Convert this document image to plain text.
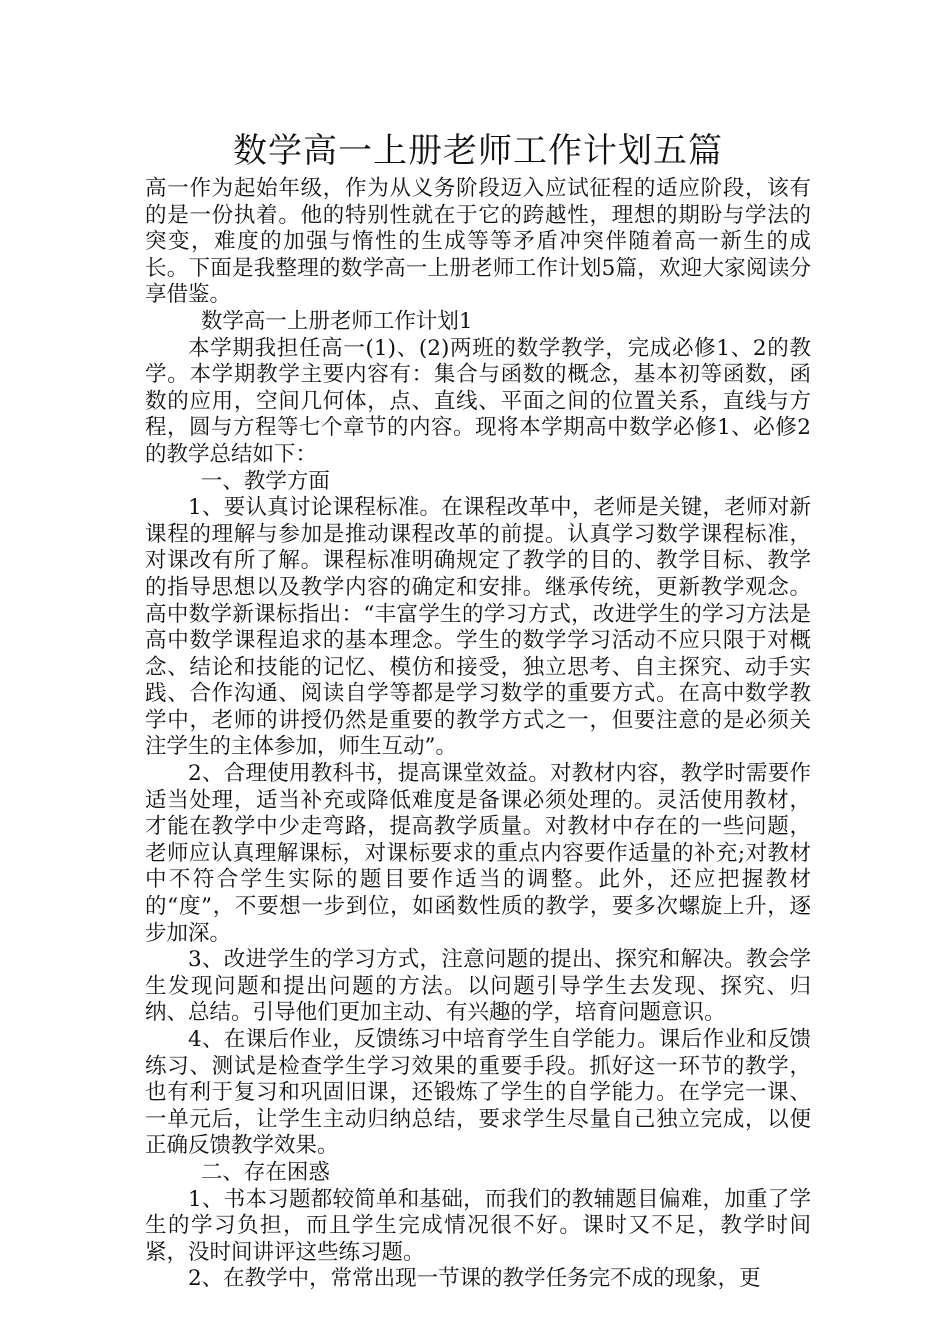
数学高一上册老师工作计划五篇

高一作为起始年级，作为从义务阶段迈入应试征程的适应阶段，该有的是一份执着。他的特别性就在于它的跨越性，理想的期盼与学法的突变，难度的加强与惰性的生成等等矛盾冲突伴随着高一新生的成长。下面是我整理的数学高一上册老师工作计划5篇，欢迎大家阅读分享借鉴。

数学高一上册老师工作计划1

本学期我担任高一(1)、(2)两班的数学教学，完成必修1、2的教学。本学期教学主要内容有：集合与函数的概念，基本初等函数，函数的应用，空间几何体，点、直线、平面之间的位置关系，直线与方程，圆与方程等七个章节的内容。现将本学期高中数学必修1、必修2的教学总结如下：

一、教学方面

1、要认真讨论课程标准。在课程改革中，老师是关键，老师对新课程的理解与参加是推动课程改革的前提。认真学习数学课程标准，对课改有所了解。课程标准明确规定了教学的目的、教学目标、教学的指导思想以及教学内容的确定和安排。继承传统，更新教学观念。高中数学新课标指出：“丰富学生的学习方式，改进学生的学习方法是高中数学课程追求的基本理念。学生的数学学习活动不应只限于对概念、结论和技能的记忆、模仿和接受，独立思考、自主探究、动手实践、合作沟通、阅读自学等都是学习数学的重要方式。在高中数学教学中，老师的讲授仍然是重要的教学方式之一，但要注意的是必须关注学生的主体参加，师生互动”。

2、合理使用教科书，提高课堂效益。对教材内容，教学时需要作适当处理，适当补充或降低难度是备课必须处理的。灵活使用教材，才能在教学中少走弯路，提高教学质量。对教材中存在的一些问题，老师应认真理解课标，对课标要求的重点内容要作适量的补充;对教材中不符合学生实际的题目要作适当的调整。此外，还应把握教材的“度”，不要想一步到位，如函数性质的教学，要多次螺旋上升，逐步加深。

3、改进学生的学习方式，注意问题的提出、探究和解决。教会学生发现问题和提出问题的方法。以问题引导学生去发现、探究、归纳、总结。引导他们更加主动、有兴趣的学，培育问题意识。

4、在课后作业，反馈练习中培育学生自学能力。课后作业和反馈练习、测试是检查学生学习效果的重要手段。抓好这一环节的教学，也有利于复习和巩固旧课，还锻炼了学生的自学能力。在学完一课、一单元后，让学生主动归纳总结，要求学生尽量自己独立完成，以便正确反馈教学效果。

二、存在困惑

1、书本习题都较简单和基础，而我们的教辅题目偏难，加重了学生的学习负担，而且学生完成情况很不好。课时又不足，教学时间紧，没时间讲评这些练习题。

2、在教学中，常常出现一节课的教学任务完不成的现象，更
